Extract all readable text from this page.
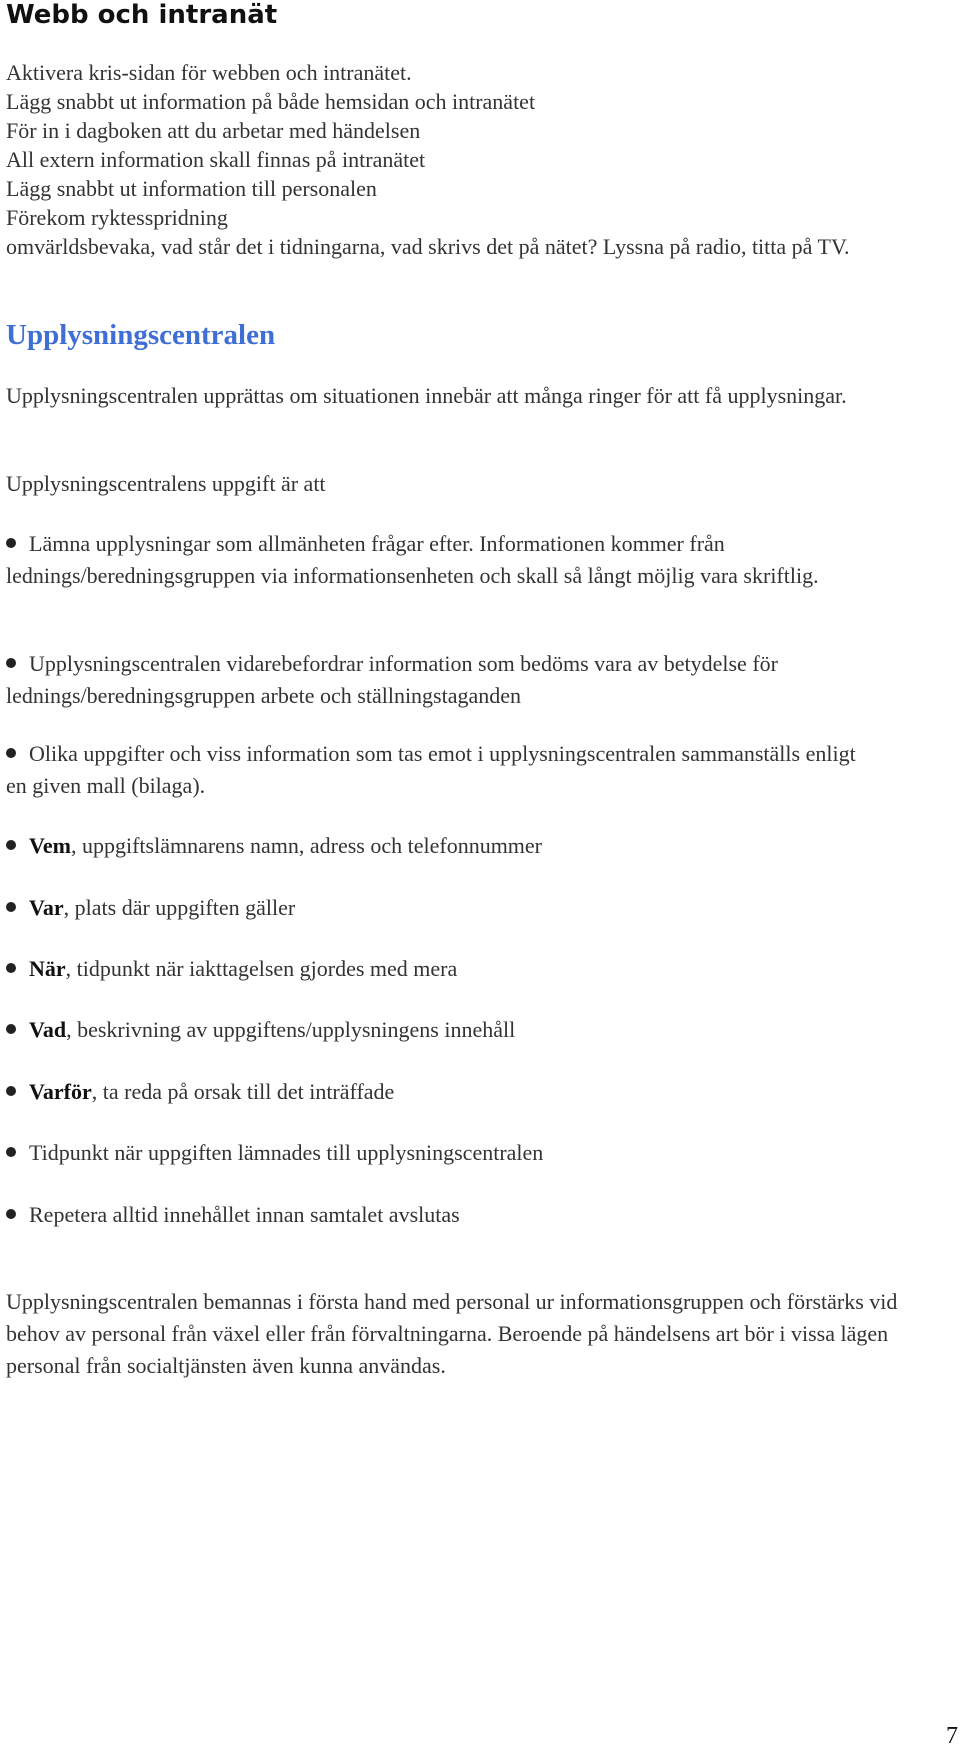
Webb och intranät
Aktivera kris-sidan för webben och intranätet.
Lägg snabbt ut information på både hemsidan och intranätet
För in i dagboken att du arbetar med händelsen
All extern information skall finnas på intranätet
Lägg snabbt ut information till personalen
Förekom ryktesspridning
omvärldsbevaka, vad står det i tidningarna, vad skrivs det på nätet? Lyssna på radio, titta på TV.
Upplysningscentralen
Upplysningscentralen upprättas om situationen innebär att många ringer för att få upplysningar.
Upplysningscentralens uppgift är att
Lämna upplysningar som allmänheten frågar efter. Informationen kommer från lednings/beredningsgruppen via informationsenheten och skall så långt möjlig vara skriftlig.
Upplysningscentralen vidarebefordrar information som bedöms vara av betydelse för lednings/beredningsgruppen arbete och ställningstaganden
Olika uppgifter och viss information som tas emot i upplysningscentralen sammanställs enligt en given mall (bilaga).
Vem, uppgiftslämnarens namn, adress och telefonnummer
Var, plats där uppgiften gäller
När, tidpunkt när iakttagelsen gjordes med mera
Vad, beskrivning av uppgiftens/upplysningens innehåll
Varför, ta reda på orsak till det inträffade
Tidpunkt när uppgiften lämnades till upplysningscentralen
Repetera alltid innehållet innan samtalet avslutas
Upplysningscentralen bemannas i första hand med personal ur informationsgruppen och förstärks vid behov av personal från växel eller från förvaltningarna. Beroende på händelsens art bör i vissa lägen personal från socialtjänsten även kunna användas.
7
